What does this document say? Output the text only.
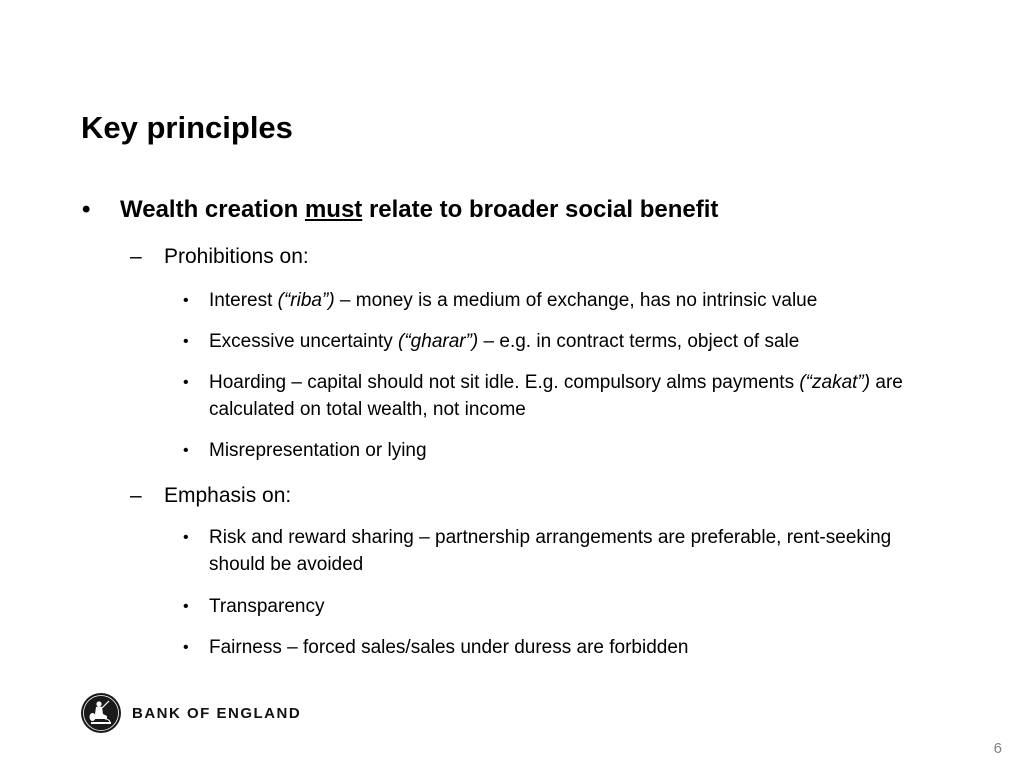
Key principles
• Wealth creation must relate to broader social benefit
– Prohibitions on:
• Interest (“riba”) – money is a medium of exchange, has no intrinsic value
• Excessive uncertainty (“gharar”) – e.g. in contract terms, object of sale
• Hoarding – capital should not sit idle. E.g. compulsory alms payments (“zakat”) are calculated on total wealth, not income
• Misrepresentation or lying
– Emphasis on:
• Risk and reward sharing – partnership arrangements are preferable, rent-seeking should be avoided
• Transparency
• Fairness – forced sales/sales under duress are forbidden
BANK OF ENGLAND
6
